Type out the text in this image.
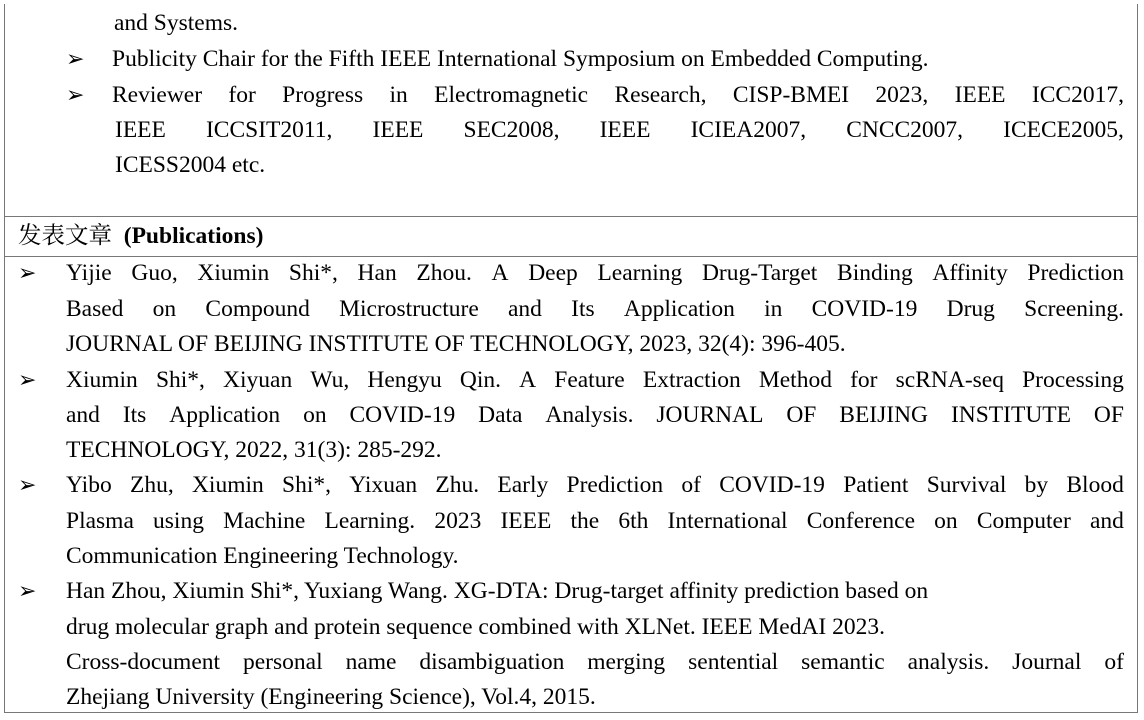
and Systems.
➢ Publicity Chair for the Fifth IEEE International Symposium on Embedded Computing.
➢ Reviewer for Progress in Electromagnetic Research, CISP-BMEI 2023, IEEE ICC2017,
IEEE ICCSIT2011, IEEE SEC2008, IEEE ICIEA2007, CNCC2007, ICECE2005,
ICESS2004 etc.
发表文章 (Publications)
➢ Yijie Guo, Xiumin Shi*, Han Zhou. A Deep Learning Drug-Target Binding Affinity Prediction
Based on Compound Microstructure and Its Application in COVID-19 Drug Screening.
JOURNAL OF BEIJING INSTITUTE OF TECHNOLOGY, 2023, 32(4): 396-405.
➢ Xiumin Shi*, Xiyuan Wu, Hengyu Qin. A Feature Extraction Method for scRNA-seq Processing
and Its Application on COVID-19 Data Analysis. JOURNAL OF BEIJING INSTITUTE OF
TECHNOLOGY, 2022, 31(3): 285-292.
➢ Yibo Zhu, Xiumin Shi*, Yixuan Zhu. Early Prediction of COVID-19 Patient Survival by Blood
Plasma using Machine Learning. 2023 IEEE the 6th International Conference on Computer and
Communication Engineering Technology.
➢ Han Zhou, Xiumin Shi*, Yuxiang Wang. XG-DTA: Drug-target affinity prediction based on
drug molecular graph and protein sequence combined with XLNet. IEEE MedAI 2023.
Cross-document personal name disambiguation merging sentential semantic analysis. Journal of
Zhejiang University (Engineering Science), Vol.4, 2015.
